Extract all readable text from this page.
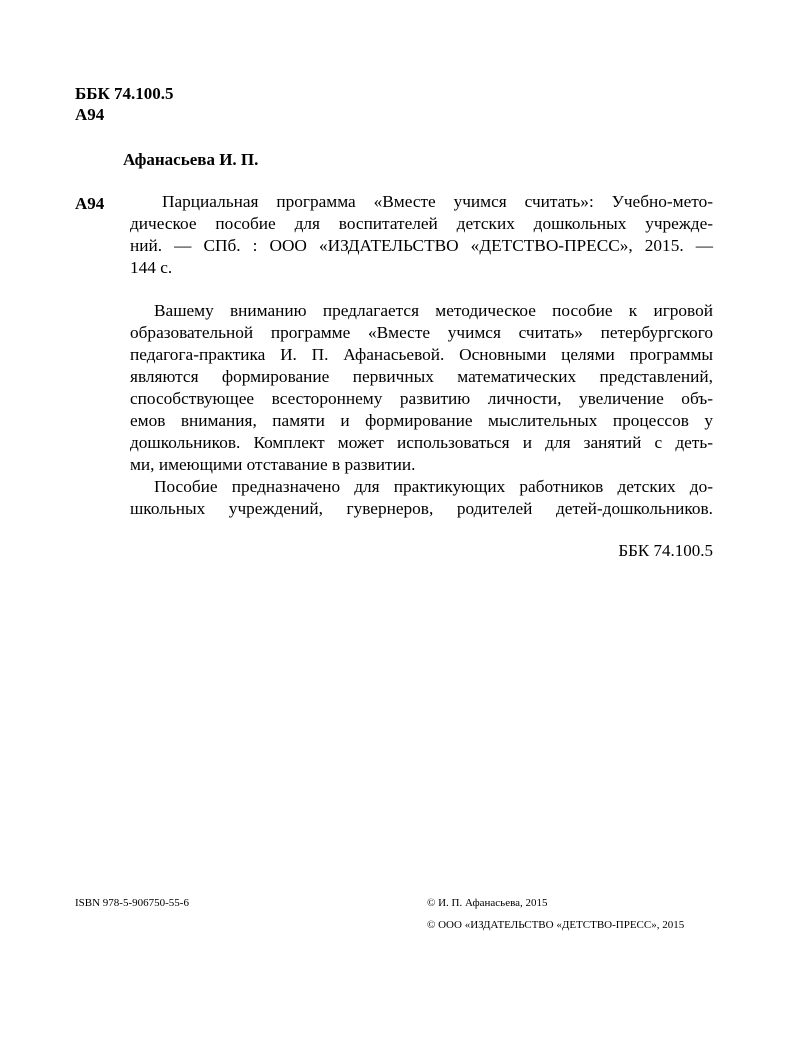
ББК 74.100.5
А94
Афанасьева И. П.
А94	Парциальная программа «Вместе учимся считать»: Учебно-мето-
дическое пособие для воспитателей детских дошкольных учрежде-
ний. — СПб. : ООО «ИЗДАТЕЛЬСТВО «ДЕТСТВО-ПРЕСС», 2015. —
144 с.
Вашему вниманию предлагается методическое пособие к игровой
образовательной программе «Вместе учимся считать» петербургского
педагога-практика И. П. Афанасьевой. Основными целями программы
являются формирование первичных математических представлений,
способствующее всестороннему развитию личности, увеличение объ-
емов внимания, памяти и формирование мыслительных процессов у
дошкольников. Комплект может использоваться и для занятий с деть-
ми, имеющими отставание в развитии.
Пособие предназначено для практикующих работников детских до-
школьных учреждений, гувернеров, родителей детей-дошкольников.
ББК 74.100.5
ISBN 978-5-906750-55-6	© И. П. Афанасьева, 2015
© ООО «ИЗДАТЕЛЬСТВО «ДЕТСТВО-ПРЕСС», 2015
